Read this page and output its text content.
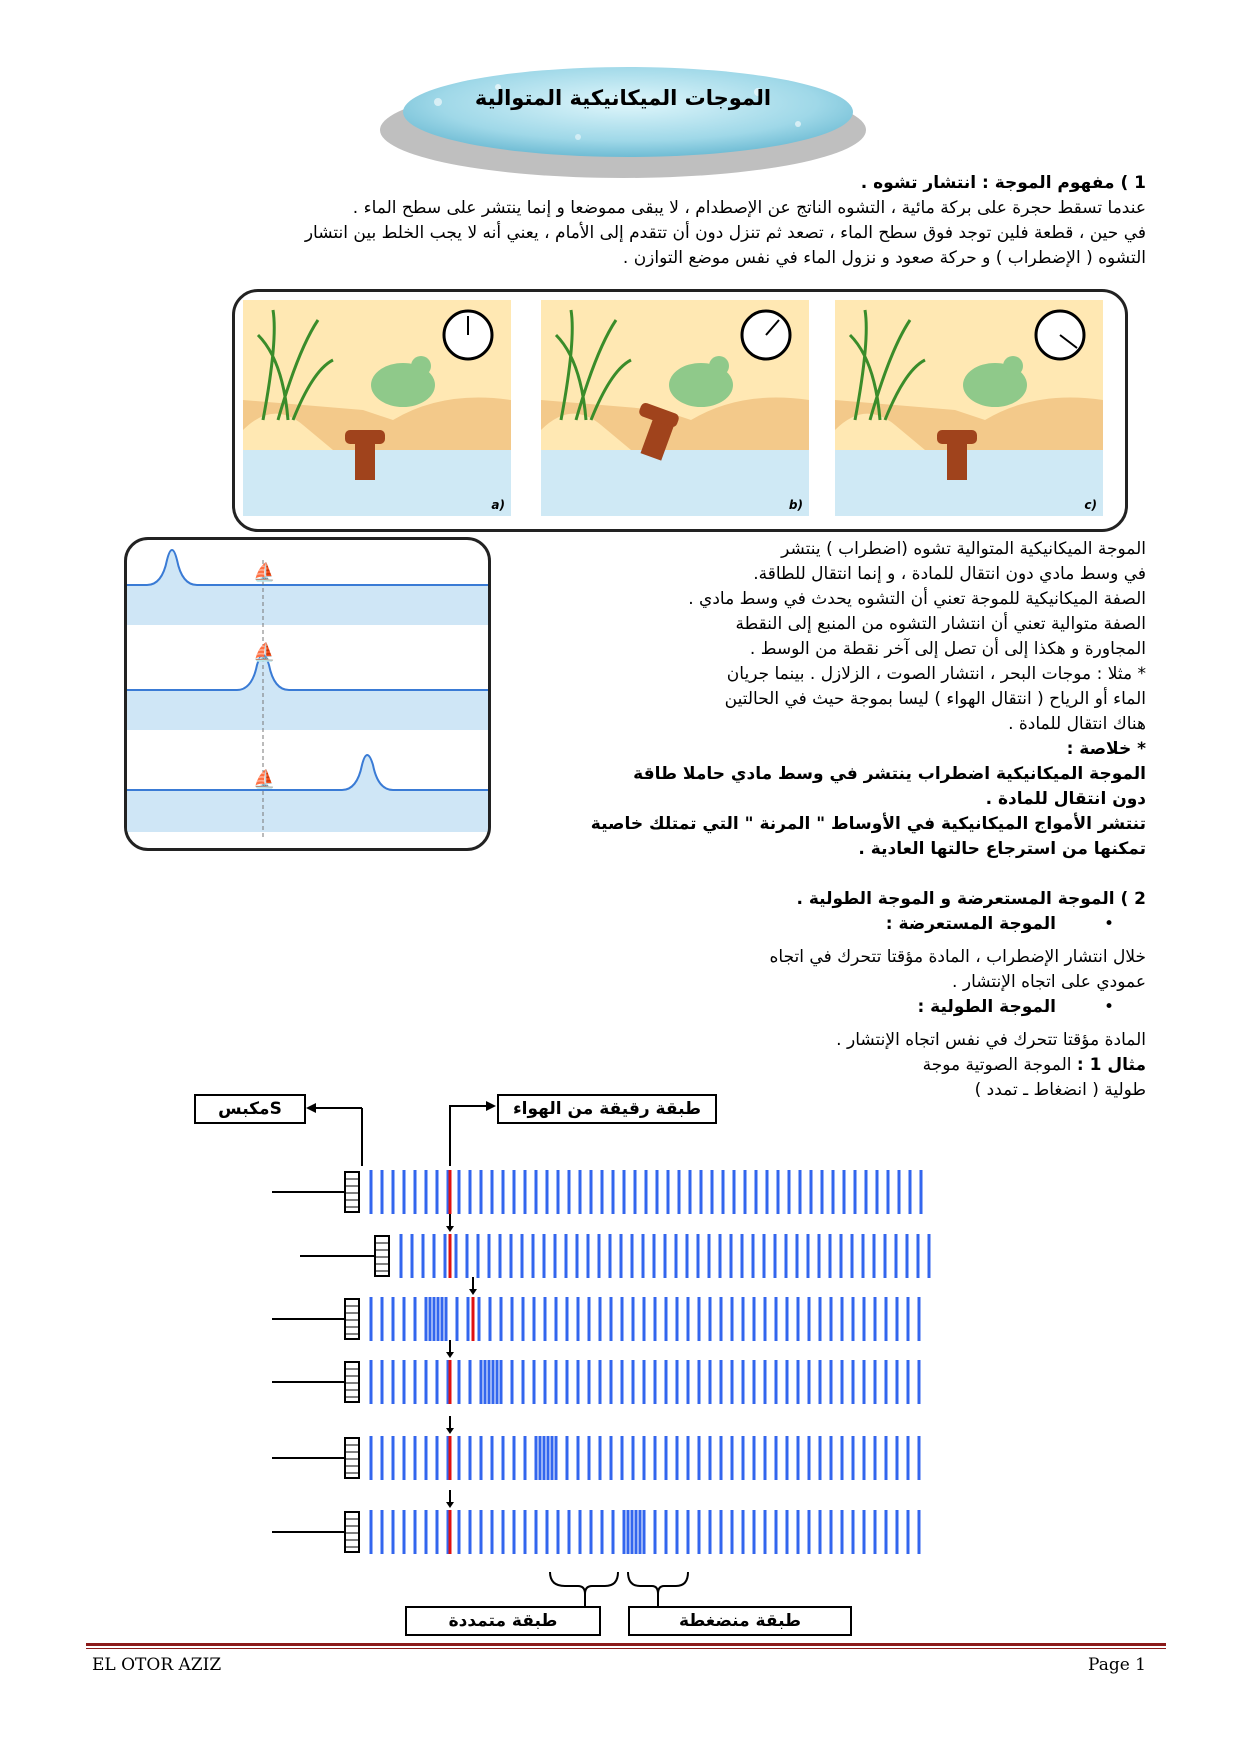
الموجات الميكانيكية المتوالية
1 ) مفهوم الموجة : انتشار تشوه .
عندما تسقط حجرة على بركة مائية ، التشوه الناتج عن الإصطدام ، لا يبقى مموضعا و إنما ينتشر على سطح الماء .
في حين ، قطعة فلين توجد فوق سطح الماء ، تصعد ثم تنزل دون أن تتقدم إلى الأمام ، يعني أنه لا يجب الخلط بين انتشار
التشوه ( الإضطراب ) و حركة صعود و نزول الماء في نفس موضع التوازن .
a)	b)	c)
⛵
⛵
⛵
الموجة الميكانيكية المتوالية تشوه (اضطراب ) ينتشر
في وسط مادي دون انتقال للمادة ، و إنما انتقال للطاقة.
الصفة الميكانيكية للموجة تعني أن التشوه يحدث في وسط مادي .
الصفة متوالية تعني أن انتشار التشوه من المنبع إلى النقطة
المجاورة و هكذا إلى أن تصل إلى آخر نقطة من الوسط .
* مثلا : موجات البحر ، انتشار الصوت ، الزلازل . بينما جريان
الماء أو الرياح ( انتقال الهواء ) ليسا بموجة حيث في الحالتين
هناك انتقال للمادة .
* خلاصة :
الموجة الميكانيكية اضطراب ينتشر في وسط مادي حاملا طاقة
دون انتقال للمادة .
تنتشر الأمواج الميكانيكية في الأوساط " المرنة " التي تمتلك خاصية
تمكنها من استرجاع حالتها العادية .
2 ) الموجة المستعرضة و الموجة الطولية .
الموجة المستعرضة :	•
خلال انتشار الإضطراب ، المادة مؤقتا تتحرك في اتجاه
عمودي على اتجاه الإنتشار .
الموجة الطولية :	•
المادة مؤقتا تتحرك في نفس اتجاه الإنتشار .
مثال 1 : الموجة الصوتية موجة
طولية ( انضغاط ـ تمدد )
مكبسS	طبقة رقيقة من الهواء
طبقة متمددة	طبقة منضغطة
EL OTOR AZIZ	Page 1
